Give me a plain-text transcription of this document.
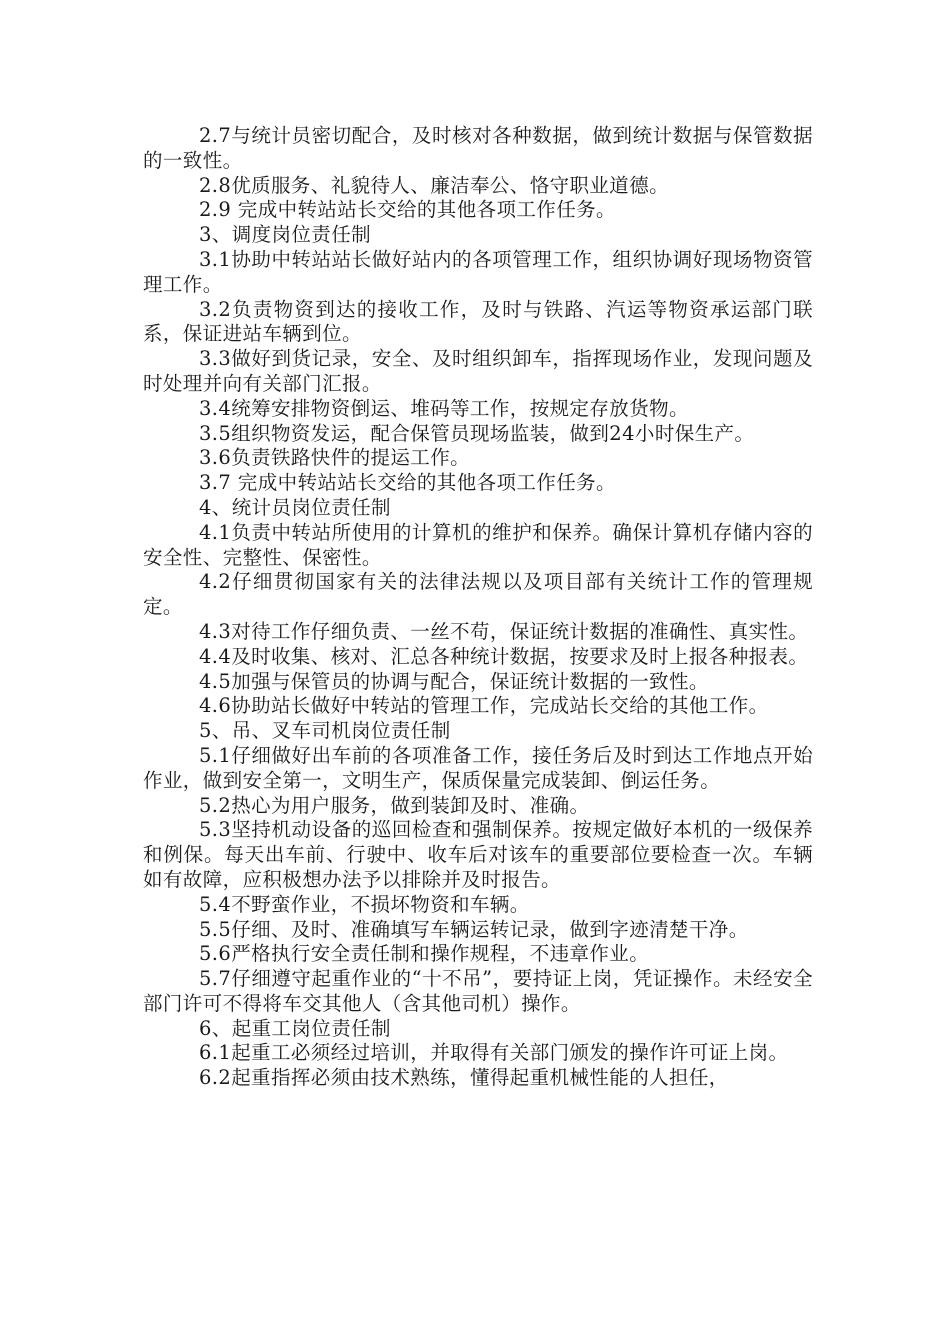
2.7与统计员密切配合，及时核对各种数据，做到统计数据与保管数据的一致性。

2.8优质服务、礼貌待人、廉洁奉公、恪守职业道德。

2.9 完成中转站站长交给的其他各项工作任务。

3、调度岗位责任制

3.1协助中转站站长做好站内的各项管理工作，组织协调好现场物资管理工作。

3.2负责物资到达的接收工作，及时与铁路、汽运等物资承运部门联系，保证进站车辆到位。

3.3做好到货记录，安全、及时组织卸车，指挥现场作业，发现问题及时处理并向有关部门汇报。

3.4统筹安排物资倒运、堆码等工作，按规定存放货物。

3.5组织物资发运，配合保管员现场监装，做到24小时保生产。

3.6负责铁路快件的提运工作。

3.7 完成中转站站长交给的其他各项工作任务。

4、统计员岗位责任制

4.1负责中转站所使用的计算机的维护和保养。确保计算机存储内容的安全性、完整性、保密性。

4.2仔细贯彻国家有关的法律法规以及项目部有关统计工作的管理规定。

4.3对待工作仔细负责、一丝不苟，保证统计数据的准确性、真实性。

4.4及时收集、核对、汇总各种统计数据，按要求及时上报各种报表。

4.5加强与保管员的协调与配合，保证统计数据的一致性。

4.6协助站长做好中转站的管理工作，完成站长交给的其他工作。

5、吊、叉车司机岗位责任制

5.1仔细做好出车前的各项准备工作，接任务后及时到达工作地点开始作业，做到安全第一，文明生产，保质保量完成装卸、倒运任务。

5.2热心为用户服务，做到装卸及时、准确。

5.3坚持机动设备的巡回检查和强制保养。按规定做好本机的一级保养和例保。每天出车前、行驶中、收车后对该车的重要部位要检查一次。车辆如有故障，应积极想办法予以排除并及时报告。

5.4不野蛮作业，不损坏物资和车辆。

5.5仔细、及时、准确填写车辆运转记录，做到字迹清楚干净。

5.6严格执行安全责任制和操作规程，不违章作业。

5.7仔细遵守起重作业的“十不吊”，要持证上岗，凭证操作。未经安全部门许可不得将车交其他人（含其他司机）操作。

6、起重工岗位责任制

6.1起重工必须经过培训，并取得有关部门颁发的操作许可证上岗。

6.2起重指挥必须由技术熟练，懂得起重机械性能的人担任，
